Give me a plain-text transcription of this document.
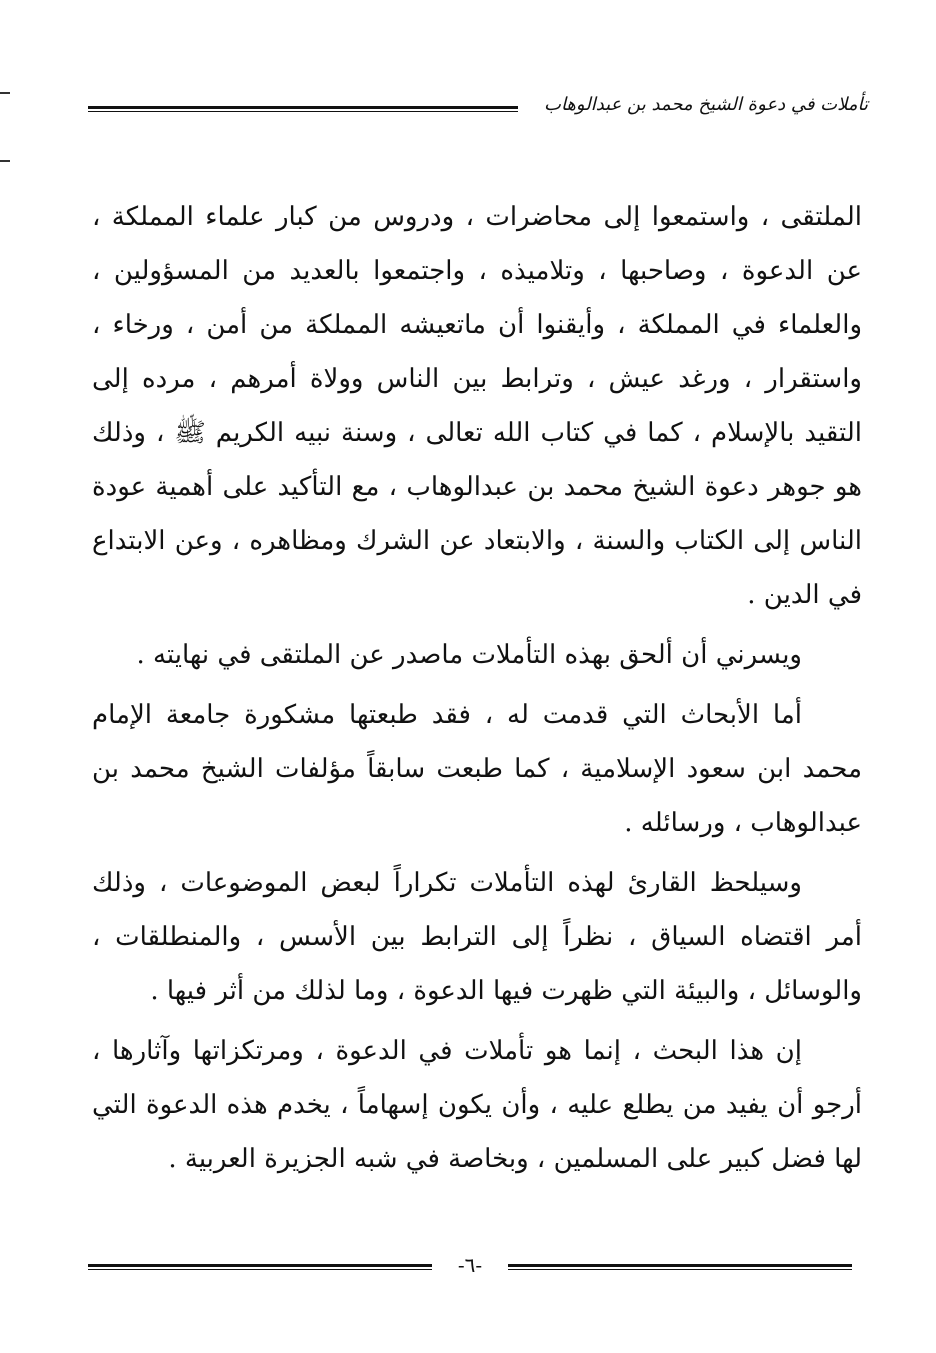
تأملات في دعوة الشيخ محمد بن عبدالوهاب

الملتقى ، واستمعوا إلى محاضرات ، ودروس من كبار علماء المملكة ، عن الدعوة ، وصاحبها ، وتلاميذه ، واجتمعوا بالعديد من المسؤولين ، والعلماء في المملكة ، وأيقنوا أن ماتعيشه المملكة من أمن ، ورخاء ، واستقرار ، ورغد عيش ، وترابط بين الناس وولاة أمرهم ، مرده إلى التقيد بالإسلام ، كما في كتاب الله تعالى ، وسنة نبيه الكريم ﷺ ، وذلك هو جوهر دعوة الشيخ محمد بن عبدالوهاب ، مع التأكيد على أهمية عودة الناس إلى الكتاب والسنة ، والابتعاد عن الشرك ومظاهره ، وعن الابتداع في الدين .

ويسرني أن ألحق بهذه التأملات ماصدر عن الملتقى في نهايته .

أما الأبحاث التي قدمت له ، فقد طبعتها مشكورة جامعة الإمام محمد ابن سعود الإسلامية ، كما طبعت سابقاً مؤلفات الشيخ محمد بن عبدالوهاب ، ورسائله .

وسيلحظ القارئ لهذه التأملات تكراراً لبعض الموضوعات ، وذلك أمر اقتضاه السياق ، نظراً إلى الترابط بين الأسس ، والمنطلقات ، والوسائل ، والبيئة التي ظهرت فيها الدعوة ، وما لذلك من أثر فيها .

إن هذا البحث ، إنما هو تأملات في الدعوة ، ومرتكزاتها وآثارها ، أرجو أن يفيد من يطلع عليه ، وأن يكون إسهاماً ، يخدم هذه الدعوة التي لها فضل كبير على المسلمين ، وبخاصة في شبه الجزيرة العربية .

-٦-
